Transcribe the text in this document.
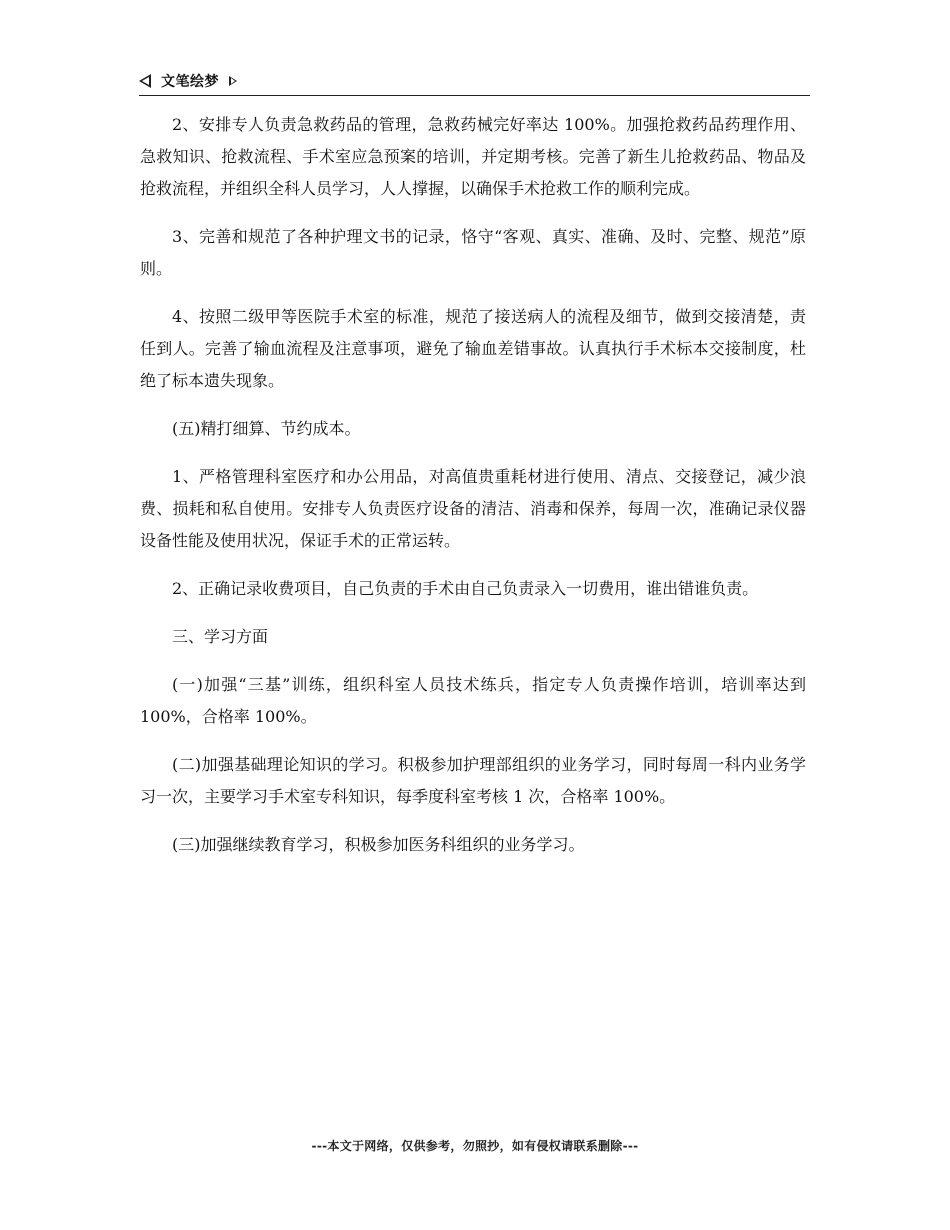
文笔绘梦

2、安排专人负责急救药品的管理，急救药械完好率达 100%。加强抢救药品药理作用、急救知识、抢救流程、手术室应急预案的培训，并定期考核。完善了新生儿抢救药品、物品及抢救流程，并组织全科人员学习，人人撑握，以确保手术抢救工作的顺利完成。

3、完善和规范了各种护理文书的记录，恪守“客观、真实、准确、及时、完整、规范”原则。

4、按照二级甲等医院手术室的标准，规范了接送病人的流程及细节，做到交接清楚，责任到人。完善了输血流程及注意事项，避免了输血差错事故。认真执行手术标本交接制度，杜绝了标本遗失现象。

(五)精打细算、节约成本。

1、严格管理科室医疗和办公用品，对高值贵重耗材进行使用、清点、交接登记，减少浪费、损耗和私自使用。安排专人负责医疗设备的清洁、消毒和保养，每周一次，准确记录仪器设备性能及使用状况，保证手术的正常运转。

2、正确记录收费项目，自己负责的手术由自己负责录入一切费用，谁出错谁负责。

三、学习方面

(一)加强“三基”训练，组织科室人员技术练兵，指定专人负责操作培训，培训率达到 100%，合格率 100%。

(二)加强基础理论知识的学习。积极参加护理部组织的业务学习，同时每周一科内业务学习一次，主要学习手术室专科知识，每季度科室考核 1 次，合格率 100%。

(三)加强继续教育学习，积极参加医务科组织的业务学习。

---本文于网络，仅供参考，勿照抄，如有侵权请联系删除---
